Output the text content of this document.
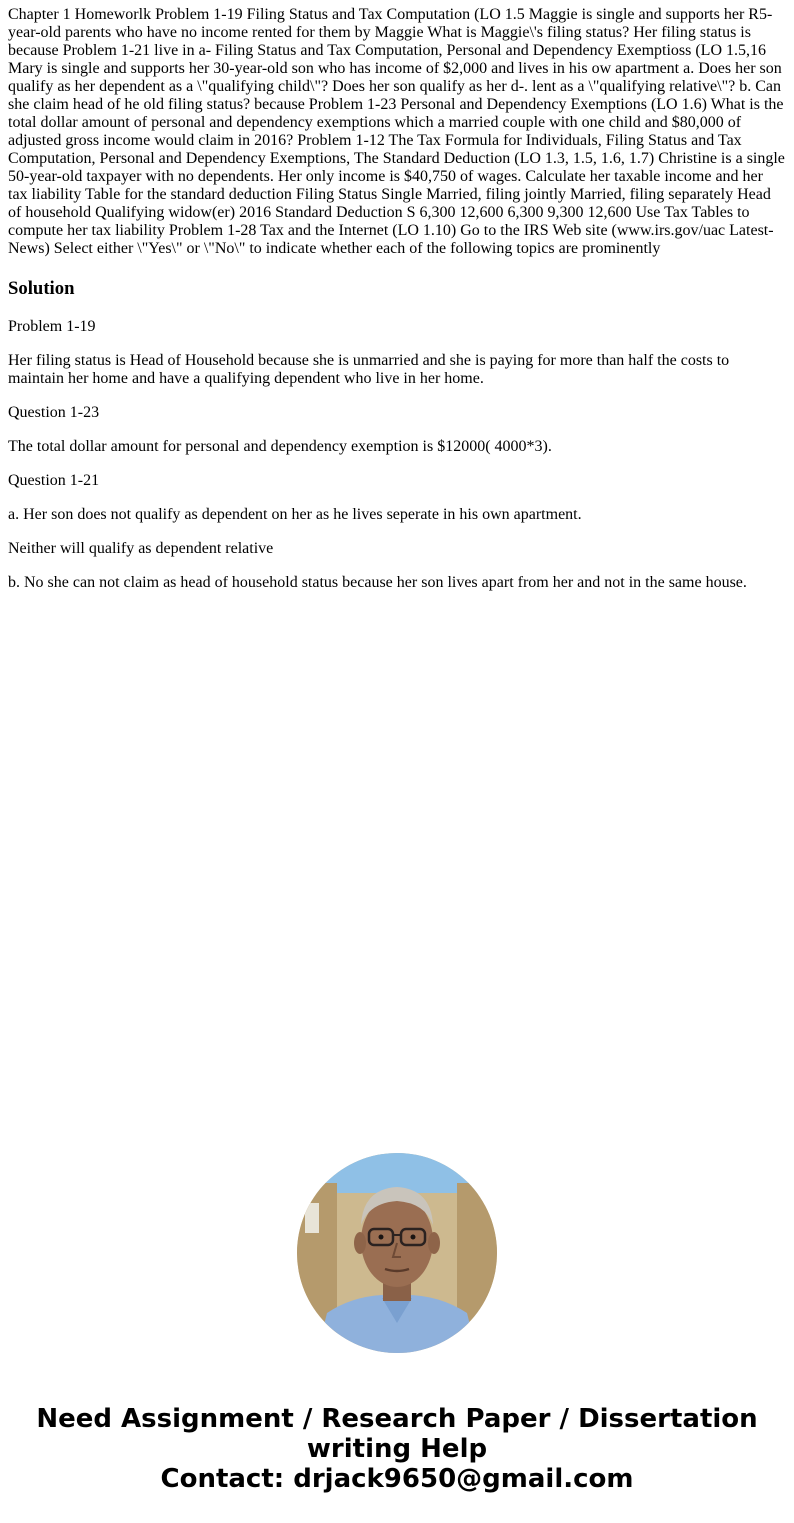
Chapter 1 Homeworlk Problem 1-19 Filing Status and Tax Computation (LO 1.5 Maggie is single and supports her R5-year-old parents who have no income rented for them by Maggie What is Maggie\'s filing status? Her filing status is because Problem 1-21 live in a- Filing Status and Tax Computation, Personal and Dependency Exemptioss (LO 1.5,16 Mary is single and supports her 30-year-old son who has income of $2,000 and lives in his ow apartment a. Does her son qualify as her dependent as a \"qualifying child\"? Does her son qualify as her d-. lent as a \"qualifying relative\"? b. Can she claim head of he old filing status? because Problem 1-23 Personal and Dependency Exemptions (LO 1.6) What is the total dollar amount of personal and dependency exemptions which a married couple with one child and $80,000 of adjusted gross income would claim in 2016? Problem 1-12 The Tax Formula for Individuals, Filing Status and Tax Computation, Personal and Dependency Exemptions, The Standard Deduction (LO 1.3, 1.5, 1.6, 1.7) Christine is a single 50-year-old taxpayer with no dependents. Her only income is $40,750 of wages. Calculate her taxable income and her tax liability Table for the standard deduction Filing Status Single Married, filing jointly Married, filing separately Head of household Qualifying widow(er) 2016 Standard Deduction S 6,300 12,600 6,300 9,300 12,600 Use Tax Tables to compute her tax liability Problem 1-28 Tax and the Internet (LO 1.10) Go to the IRS Web site (www.irs.gov/uac Latest-News) Select either \"Yes\" or \"No\" to indicate whether each of the following topics are prominently

Solution

Problem 1-19

Her filing status is Head of Household because she is unmarried and she is paying for more than half the costs to maintain her home and have a qualifying dependent who live in her home.

Question 1-23

The total dollar amount for personal and dependency exemption is $12000( 4000*3).

Question 1-21

a. Her son does not qualify as dependent on her as he lives seperate in his own apartment.

Neither will qualify as dependent relative

b. No she can not claim as head of household status because her son lives apart from her and not in the same house.

Need Assignment / Research Paper / Dissertation
writing Help
Contact: drjack9650@gmail.com
